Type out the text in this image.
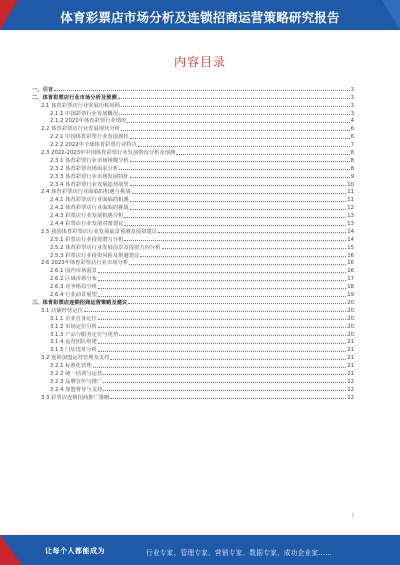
体育彩票店市场分析及连锁招商运营策略研究报告
内容目录
一、引言	3
二、体育彩票店行业市场分析及预测	3
2.1 体育彩票店行业发展历程回顾	3
2.1.1 中国彩票行业发展概况	3
2.1.2 2021年体育彩票行业情况	4
2.2 体育彩票店行业发展现状分析	6
2.2.1 中国体育彩票行业发展现状	6
2.2.2 2022年全球体育彩票行业特点	7
2.3 2022-2023年中国体育彩票行业发展情况分析及预测	8
2.3.1 体育彩票行业市场规模分析	8
2.3.2 体育彩票市场需求分析	8
2.3.3 体育彩票行业市场发展特征	9
2.3.4 体育彩票行业发展趋势展望	10
2.4 体育彩票店行业面临的机遇与挑战	11
2.4.1 体育彩票店行业面临的机遇	11
2.4.2 体育彩票店行业面临的挑战	12
2.4.3 彩票店行业发展机遇分析	13
2.4.4 彩票店行业发展对策建议	13
2.5 我国体育彩票店行业发展前景预测及投资建议	14
2.5.1 彩票店行业投资潜力分析	14
2.5.2 体育彩票店行业发展前景及投资方向分析	15
2.5.3 彩票店行业投资风险及规避建议	16
2.6 2023年体育彩票店行业市场分析	16
2.6.1 国内市场前景	16
2.6.2 区域市场分布	17
2.6.3 竞争格局分析	18
2.6.4 行业前景展望	19
三、体育彩票店连锁招商运营策略及建议	20
3.1 店铺经营定位	20
3.1.1 企业自身定位	20
3.1.2 市场定位分析	20
3.1.3 产品与服务定位与优势	20
3.1.4 运营团队组建	21
3.1.5 门店选址分析	21
3.2 连锁加盟运营管理及支持	21
3.2.1 标准化管理	21
3.2.2 统一培训与运营	21
3.2.3 品牌宣传与推广	22
3.2.4 加盟督导与支持	22
3.3 彩票店连锁招商推广策略	22
1
让每个人都能成为	行业专家、管理专家、营销专家、数据专家、成功企业家……
